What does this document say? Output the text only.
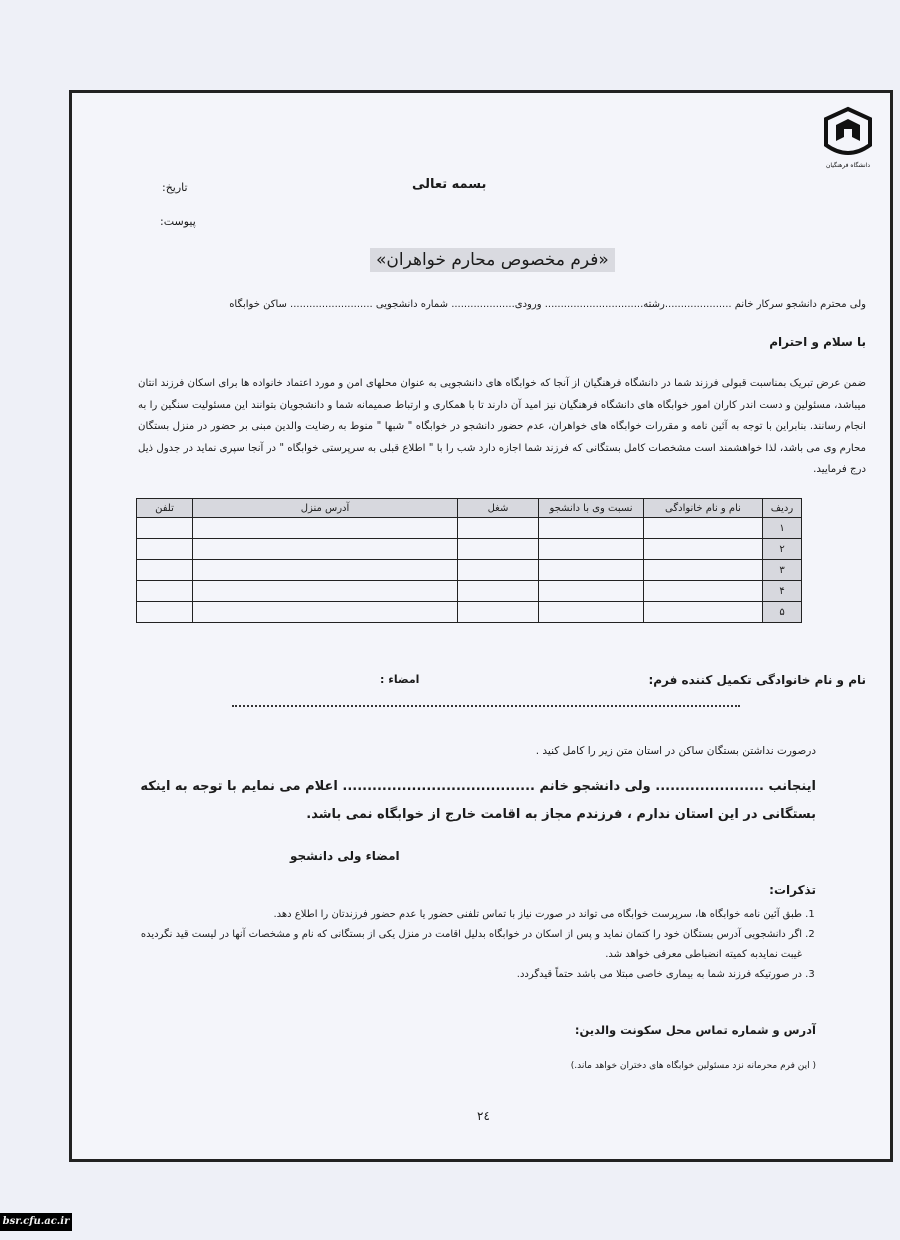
دانشگاه فرهنگیان
بسمه تعالی
تاریخ:
پیوست:
«فرم مخصوص محارم خواهران»
ولی محترم دانشجو سرکار خانم .....................رشته............................... ورودی.................... شماره دانشجویی .......................... ساکن خوابگاه
با سلام و احترام
ضمن عرض تبریک بمناسبت قبولی فرزند شما در دانشگاه فرهنگیان از آنجا که خوابگاه های دانشجویی به عنوان محلهای امن و مورد اعتماد خانواده ها برای اسکان فرزند انتان میباشد، مسئولین و دست اندر کاران امور خوابگاه های دانشگاه فرهنگیان نیز امید آن دارند تا با همکاری و ارتباط صمیمانه شما و دانشجویان بتوانند این مسئولیت سنگین را به انجام رسانند. بنابراین با توجه به آئین نامه و مقررات خوابگاه های خواهران، عدم حضور دانشجو در خوابگاه " شبها " منوط به رضایت والدین مبنی بر حضور در منزل بستگان محارم وی می باشد، لذا خواهشمند است مشخصات کامل بستگانی که فرزند شما اجازه دارد شب را با " اطلاع قبلی به سرپرستی خوابگاه " در آنجا سپری نماید در جدول ذیل درج فرمایید.
ردیف	نام و نام خانوادگی	نسبت وی با دانشجو	شغل	آدرس منزل	تلفن
۱					
۲					
۳					
۴					
۵					
نام و نام خانوادگی تکمیل کننده فرم:
امضاء :
درصورت نداشتن بستگان ساکن در استان متن زیر را کامل کنید .
اینجانب ...................... ولی دانشجو خانم ....................................... اعلام می نمایم با توجه به اینکه
بستگانی در این استان ندارم ، فرزندم مجاز به اقامت خارج از خوابگاه نمی باشد.
امضاء ولی دانشجو
تذکرات:
1. طبق آئین نامه خوابگاه ها، سرپرست خوابگاه می تواند در صورت نیاز با تماس تلفنی حضور یا عدم حضور فرزندتان را اطلاع دهد.
2. اگر دانشجویی آدرس بستگان خود را کتمان نماید و پس از اسکان در خوابگاه بدلیل اقامت در منزل یکی از بستگانی که نام و مشخصات آنها در لیست قید نگردیده غیبت نمایدبه کمیته انضباطی معرفی خواهد شد.
3. در صورتیکه فرزند شما به بیماری خاصی مبتلا می باشد حتماً قیدگردد.
آدرس و شماره تماس محل سکونت والدین:
( این فرم محرمانه نزد مسئولین خوابگاه های دختران خواهد ماند.)
۲٤
bsr.cfu.ac.ir
